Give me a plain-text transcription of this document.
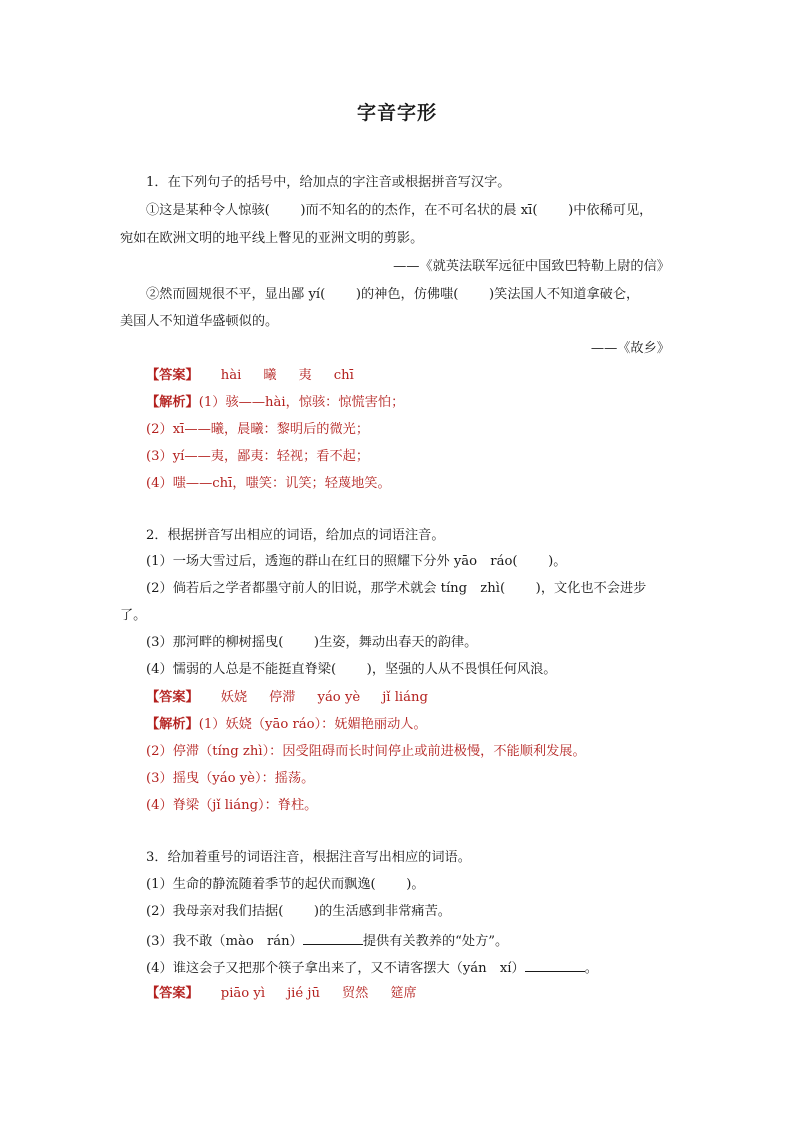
字音字形
1．在下列句子的括号中，给加点的字注音或根据拼音写汉字。
①这是某种令人惊骇(　　 )而不知名的的杰作，在不可名状的晨 xī(　　 )中依稀可见，
宛如在欧洲文明的地平线上瞥见的亚洲文明的剪影。
——《就英法联军远征中国致巴特勒上尉的信》
②然而圆规很不平，显出鄙 yí(　　 )的神色，仿佛嗤(　　 )笑法国人不知道拿破仑，
美国人不知道华盛顿似的。
——《故乡》
【答案】 hài 曦 夷 chī
【解析】(1）骇——hài，惊骇：惊慌害怕；
(2）xī——曦，晨曦：黎明后的微光；
(3）yí——夷，鄙夷：轻视；看不起；
(4）嗤——chī，嗤笑：讥笑；轻蔑地笑。
2．根据拼音写出相应的词语，给加点的词语注音。
(1）一场大雪过后，透迤的群山在红日的照耀下分外 yāo　ráo(　　 )。
(2）倘若后之学者都墨守前人的旧说，那学术就会 tíng　zhì(　　 )，文化也不会进步
了。
(3）那河畔的柳树摇曳(　　 )生姿，舞动出春天的韵律。
(4）懦弱的人总是不能挺直脊梁(　　 )，坚强的人从不畏惧任何风浪。
【答案】 妖娆 停滞 yáo yè jǐ liáng
【解析】(1）妖娆（yāo ráo）：妩媚艳丽动人。
(2）停滞（tíng zhì）：因受阻碍而长时间停止或前进极慢，不能顺利发展。
(3）摇曳（yáo yè）：摇荡。
(4）脊梁（jǐ liáng）：脊柱。
3．给加着重号的词语注音，根据注音写出相应的词语。
(1）生命的静流随着季节的起伏而飘逸(　　 )。
(2）我母亲对我们拮据(　　 )的生活感到非常痛苦。
(3）我不敢（mào　rán）	提供有关教养的“处方”。
(4）谁这会子又把那个筷子拿出来了，又不请客摆大（yán　xí）	。
【答案】 piāo yì jié jū 贸然 筵席
